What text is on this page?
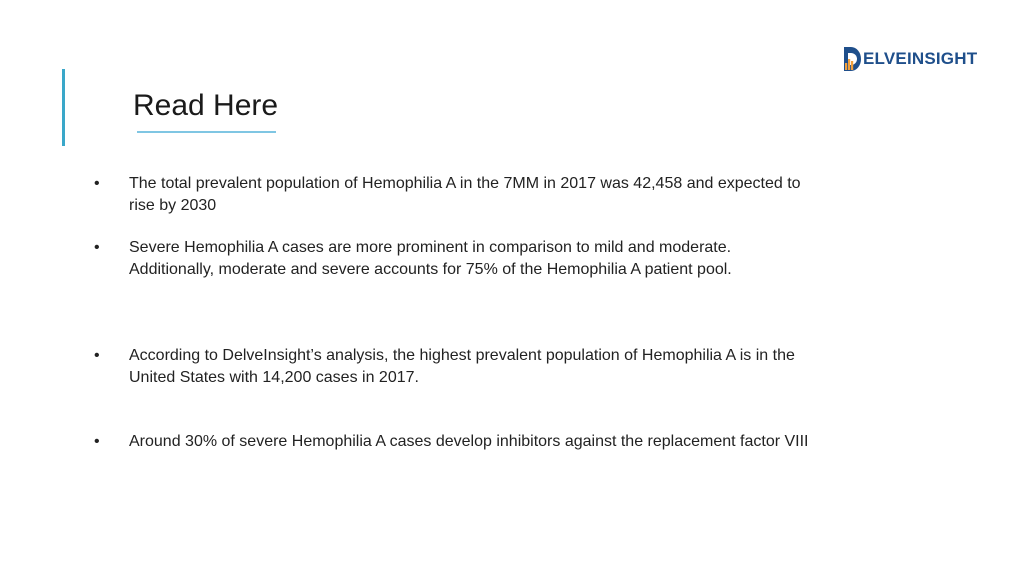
Read Here
ELVEINSIGHT
•	The total prevalent population of Hemophilia A in the 7MM in 2017 was 42,458 and expected to rise by 2030
•	Severe Hemophilia A cases are more prominent in comparison to mild and moderate. Additionally, moderate and severe accounts for 75% of the Hemophilia A patient pool.
•	According to DelveInsight’s analysis, the highest prevalent population of Hemophilia A is in the United States with 14,200 cases in 2017.
•	Around 30% of severe Hemophilia A cases develop inhibitors against the replacement factor VIII
